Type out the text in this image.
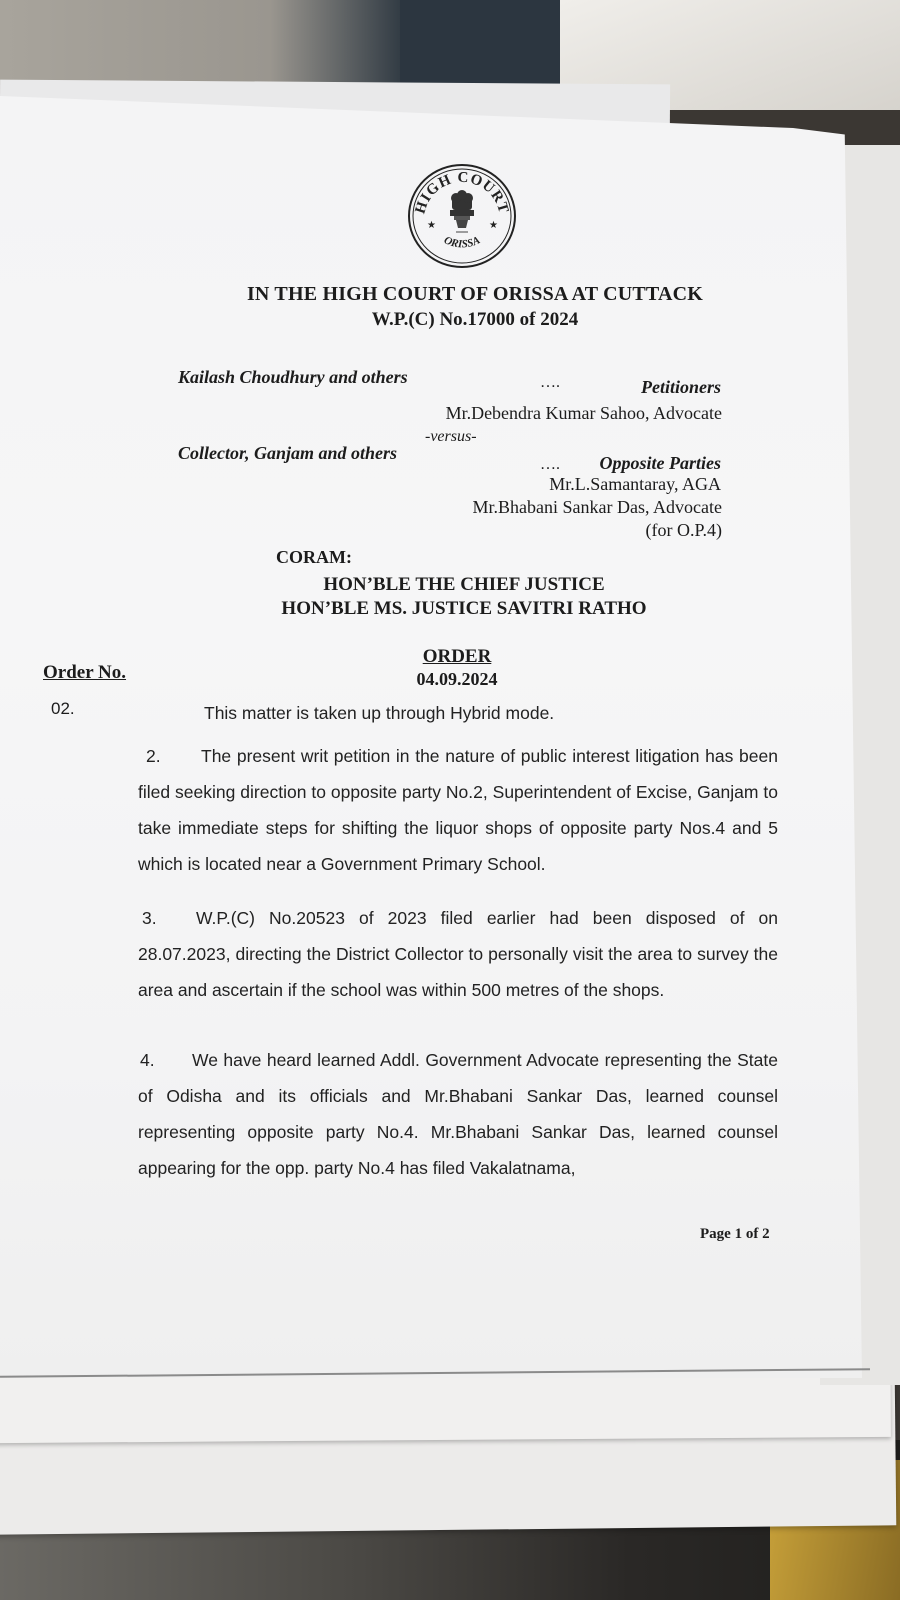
HIGH COURT
ORISSA
★	★
IN THE HIGH COURT OF ORISSA AT CUTTACK
W.P.(C) No.17000 of 2024
Kailash Choudhury and others	….	Petitioners
Mr.Debendra Kumar Sahoo, Advocate
-versus-
Collector, Ganjam and others
…. Opposite Parties
Mr.L.Samantaray, AGA
Mr.Bhabani Sankar Das, Advocate
(for O.P.4)
CORAM:
HON’BLE THE CHIEF JUSTICE
HON’BLE MS. JUSTICE SAVITRI RATHO
ORDER
04.09.2024
Order No.
02.	This matter is taken up through Hybrid mode.
2. The present writ petition in the nature of public interest litigation has been filed seeking direction to opposite party No.2, Superintendent of Excise, Ganjam to take immediate steps for shifting the liquor shops of opposite party Nos.4 and 5 which is located near a Government Primary School.
3. W.P.(C) No.20523 of 2023 filed earlier had been disposed of on 28.07.2023, directing the District Collector to personally visit the area to survey the area and ascertain if the school was within 500 metres of the shops.
4. We have heard learned Addl. Government Advocate representing the State of Odisha and its officials and Mr.Bhabani Sankar Das, learned counsel representing opposite party No.4. Mr.Bhabani Sankar Das, learned counsel appearing for the opp. party No.4 has filed Vakalatnama,
Page 1 of 2
